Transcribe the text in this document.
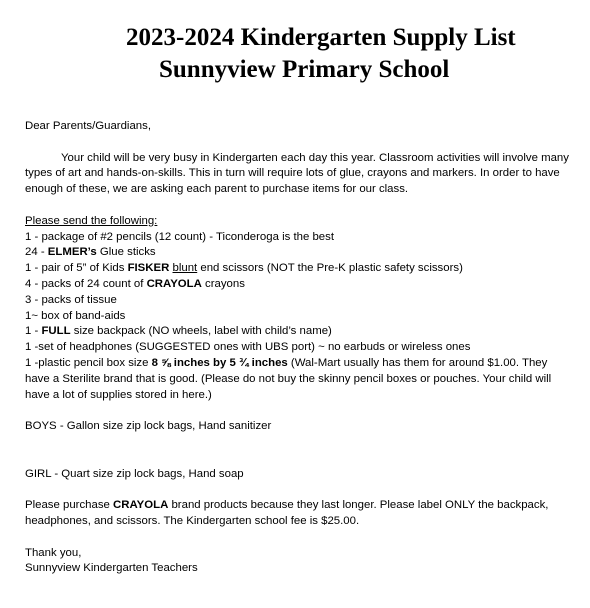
2023-2024 Kindergarten Supply List
Sunnyview Primary School
Dear Parents/Guardians,
Your child will be very busy in Kindergarten each day this year. Classroom activities will involve many types of art and hands-on-skills. This in turn will require lots of glue, crayons and markers. In order to have enough of these, we are asking each parent to purchase items for our class.
Please send the following:
1 - package of #2 pencils (12 count) - Ticonderoga is the best
24 - ELMER’s Glue sticks
1 - pair of 5” of Kids FISKER blunt end scissors (NOT the Pre-K plastic safety scissors)
4 - packs of 24 count of CRAYOLA crayons
3 - packs of tissue
1~ box of band-aids
1 - FULL size backpack (NO wheels, label with child’s name)
1 -set of headphones (SUGGESTED ones with UBS port) ~ no earbuds or wireless ones
1 -plastic pencil box size 8 ⅝ inches by 5 ¾ inches (Wal-Mart usually has them for around $1.00. They have a Sterilite brand that is good. (Please do not buy the skinny pencil boxes or pouches. Your child will have a lot of supplies stored in here.)
BOYS - Gallon size zip lock bags, Hand sanitizer
GIRL - Quart size zip lock bags, Hand soap
Please purchase CRAYOLA brand products because they last longer. Please label ONLY the backpack, headphones, and scissors. The Kindergarten school fee is $25.00.
Thank you,
Sunnyview Kindergarten Teachers
